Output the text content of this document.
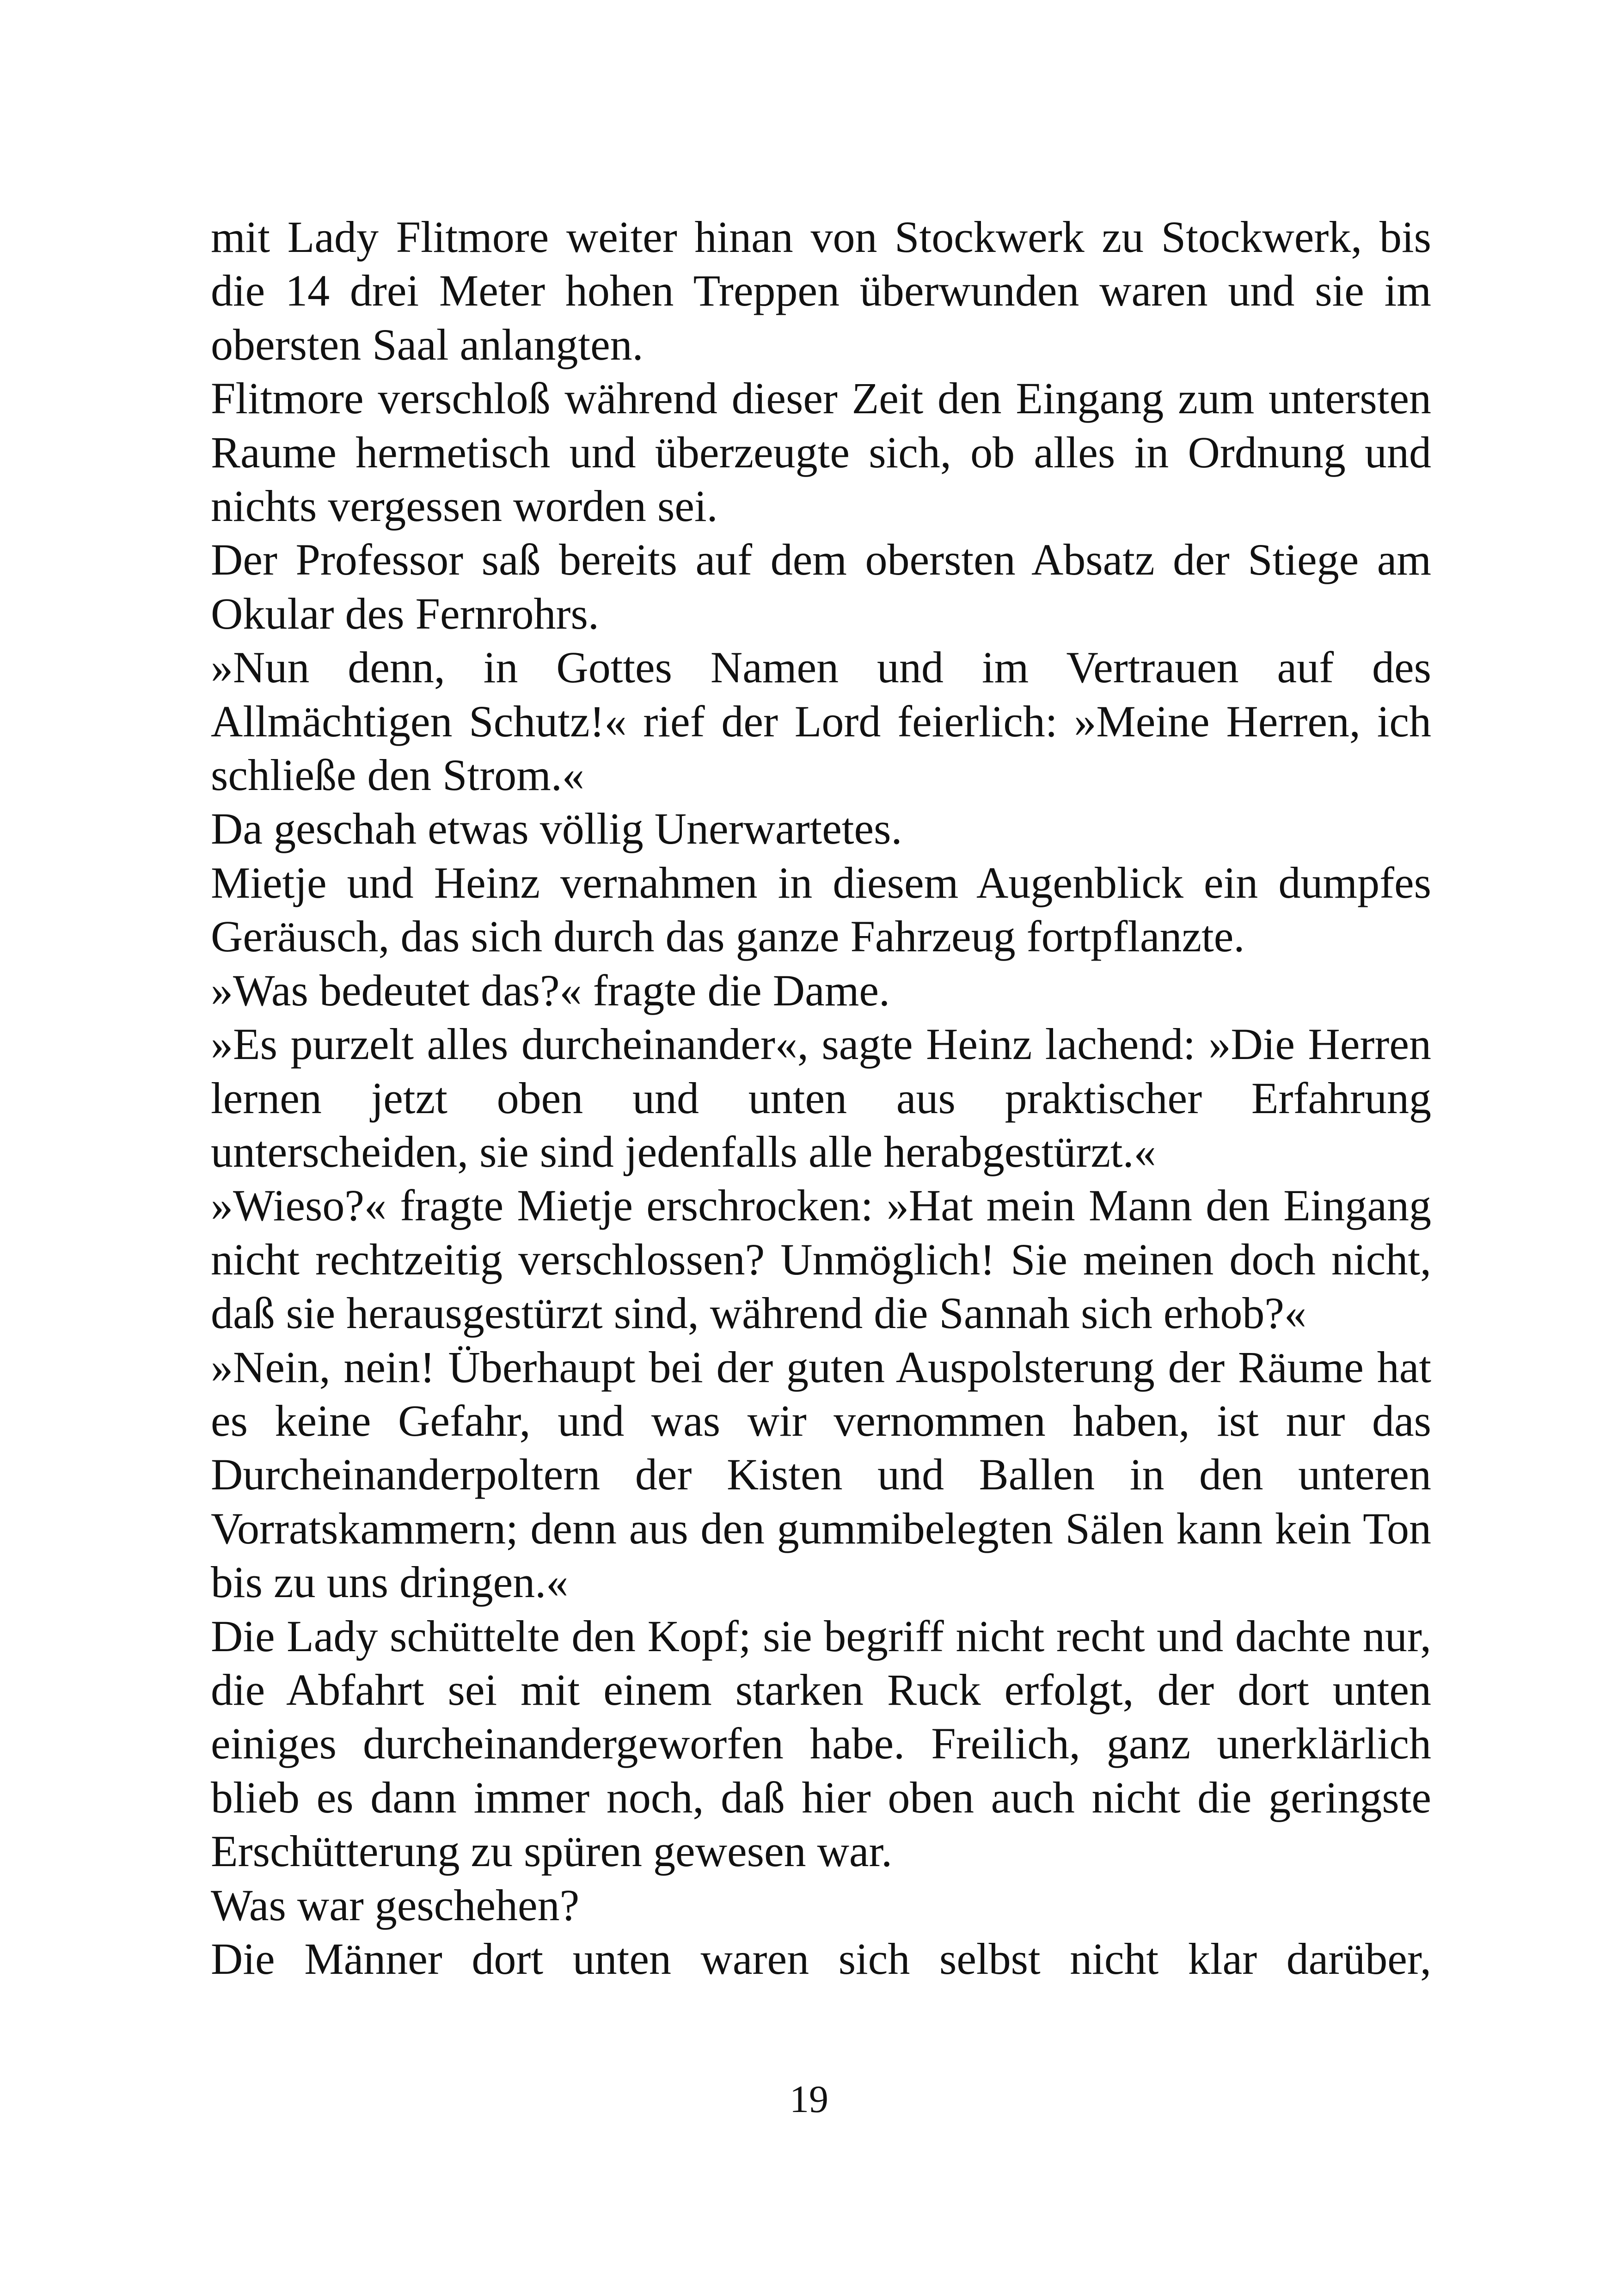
mit Lady Flitmore weiter hinan von Stockwerk zu Stockwerk, bis die 14 drei Meter hohen Treppen überwunden waren und sie im obersten Saal anlangten.

Flitmore verschloß während dieser Zeit den Eingang zum untersten Raume hermetisch und überzeugte sich, ob alles in Ordnung und nichts vergessen worden sei.

Der Professor saß bereits auf dem obersten Absatz der Stiege am Okular des Fernrohrs.

»Nun denn, in Gottes Namen und im Vertrauen auf des Allmächtigen Schutz!« rief der Lord feierlich: »Meine Herren, ich schließe den Strom.«

Da geschah etwas völlig Unerwartetes.

Mietje und Heinz vernahmen in diesem Augenblick ein dumpfes Geräusch, das sich durch das ganze Fahrzeug fortpflanzte.

»Was bedeutet das?« fragte die Dame.

»Es purzelt alles durcheinander«, sagte Heinz lachend: »Die Herren lernen jetzt oben und unten aus praktischer Erfahrung unterscheiden, sie sind jedenfalls alle herabgestürzt.«

»Wieso?« fragte Mietje erschrocken: »Hat mein Mann den Eingang nicht rechtzeitig verschlossen? Unmöglich! Sie meinen doch nicht, daß sie herausgestürzt sind, während die Sannah sich erhob?«

»Nein, nein! Überhaupt bei der guten Auspolsterung der Räume hat es keine Gefahr, und was wir vernommen haben, ist nur das Durcheinanderpoltern der Kisten und Ballen in den unteren Vorratskammern; denn aus den gummibelegten Sälen kann kein Ton bis zu uns dringen.«

Die Lady schüttelte den Kopf; sie begriff nicht recht und dachte nur, die Abfahrt sei mit einem starken Ruck erfolgt, der dort unten einiges durcheinandergeworfen habe. Freilich, ganz unerklärlich blieb es dann immer noch, daß hier oben auch nicht die geringste Erschütterung zu spüren gewesen war.

Was war geschehen?

Die Männer dort unten waren sich selbst nicht klar darüber,

19
